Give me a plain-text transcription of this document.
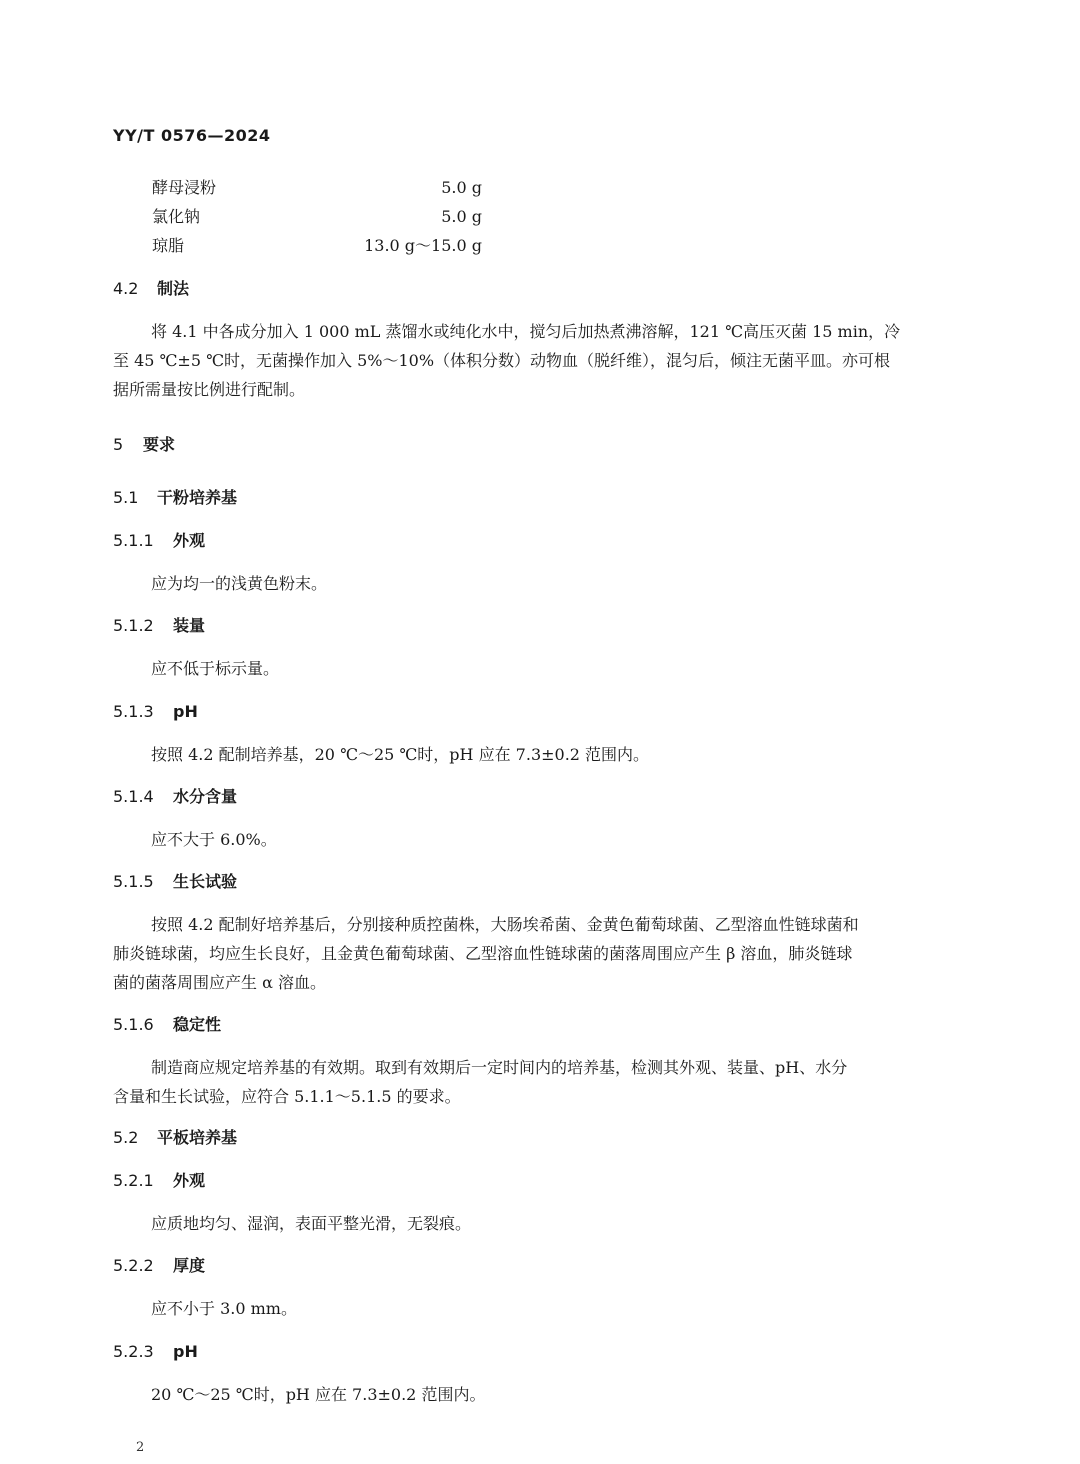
YY/T 0576—2024
酵母浸粉	5.0 g
氯化钠	5.0 g
琼脂	13.0 g～15.0 g
4.2 制法
将 4.1 中各成分加入 1 000 mL 蒸馏水或纯化水中，搅匀后加热煮沸溶解，121 ℃高压灭菌 15 min，冷
至 45 ℃±5 ℃时，无菌操作加入 5%～10%（体积分数）动物血（脱纤维），混匀后，倾注无菌平皿。亦可根
据所需量按比例进行配制。
5 要求
5.1 干粉培养基
5.1.1 外观
应为均一的浅黄色粉末。
5.1.2 装量
应不低于标示量。
5.1.3 pH
按照 4.2 配制培养基，20 ℃～25 ℃时，pH 应在 7.3±0.2 范围内。
5.1.4 水分含量
应不大于 6.0%。
5.1.5 生长试验
按照 4.2 配制好培养基后，分别接种质控菌株，大肠埃希菌、金黄色葡萄球菌、乙型溶血性链球菌和
肺炎链球菌，均应生长良好，且金黄色葡萄球菌、乙型溶血性链球菌的菌落周围应产生 β 溶血，肺炎链球
菌的菌落周围应产生 α 溶血。
5.1.6 稳定性
制造商应规定培养基的有效期。取到有效期后一定时间内的培养基，检测其外观、装量、pH、水分
含量和生长试验，应符合 5.1.1～5.1.5 的要求。
5.2 平板培养基
5.2.1 外观
应质地均匀、湿润，表面平整光滑，无裂痕。
5.2.2 厚度
应不小于 3.0 mm。
5.2.3 pH
20 ℃～25 ℃时，pH 应在 7.3±0.2 范围内。
2
